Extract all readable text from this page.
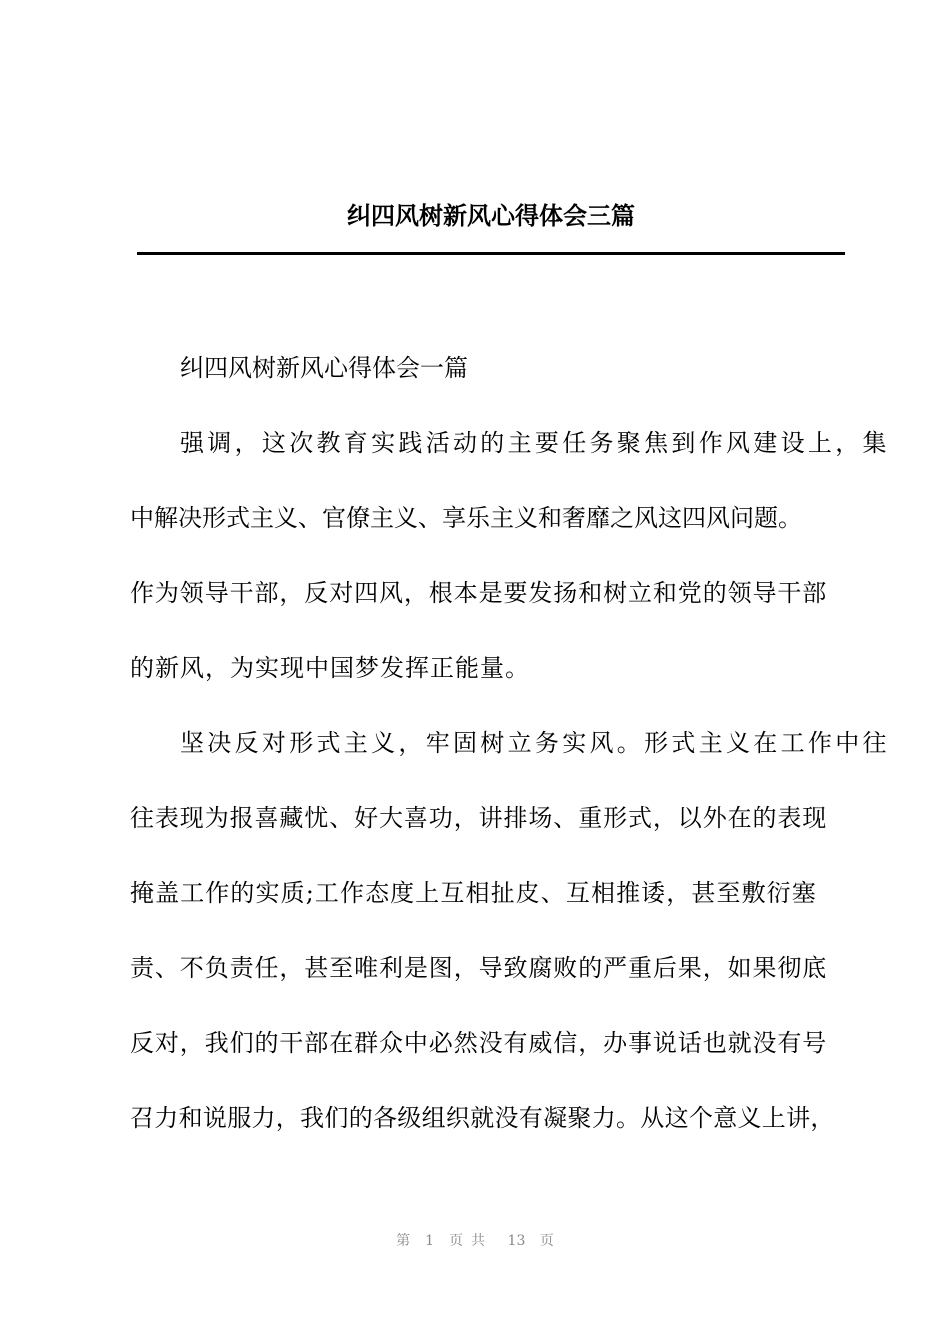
纠四风树新风心得体会三篇
纠四风树新风心得体会一篇
强调，这次教育实践活动的主要任务聚焦到作风建设上，集
中解决形式主义、官僚主义、享乐主义和奢靡之风这四风问题。
作为领导干部，反对四风，根本是要发扬和树立和党的领导干部
的新风，为实现中国梦发挥正能量。
坚决反对形式主义，牢固树立务实风。形式主义在工作中往
往表现为报喜藏忧、好大喜功，讲排场、重形式，以外在的表现
掩盖工作的实质;工作态度上互相扯皮、互相推诿，甚至敷衍塞
责、不负责任，甚至唯利是图，导致腐败的严重后果，如果彻底
反对，我们的干部在群众中必然没有威信，办事说话也就没有号
召力和说服力，我们的各级组织就没有凝聚力。从这个意义上讲，
第 1 页共 13 页
